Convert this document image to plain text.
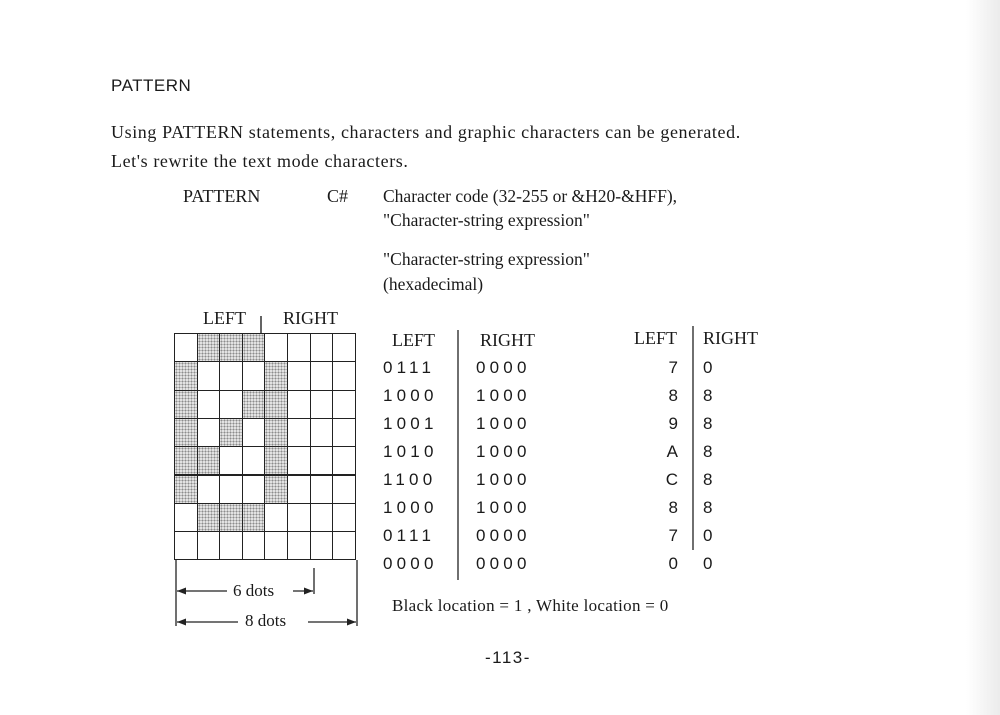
PATTERN
Using PATTERN statements, characters and graphic characters can be generated.
Let's rewrite the text mode characters.
PATTERN	C# Character code (32-255 or &H20-&HFF),
"Character-string expression"
"Character-string expression"
(hexadecimal)
LEFT RIGHT
6 dots
8 dots
LEFT	RIGHT
0111 0000
1000 1000
1001 1000
1010 1000
1100 1000
1000 1000
0111 0000
0000 0000
LEFT RIGHT
7 0
8 8
9 8
A 8
C 8
8 8
7 0
0 0
Black location = 1 , White location = 0
-113-
